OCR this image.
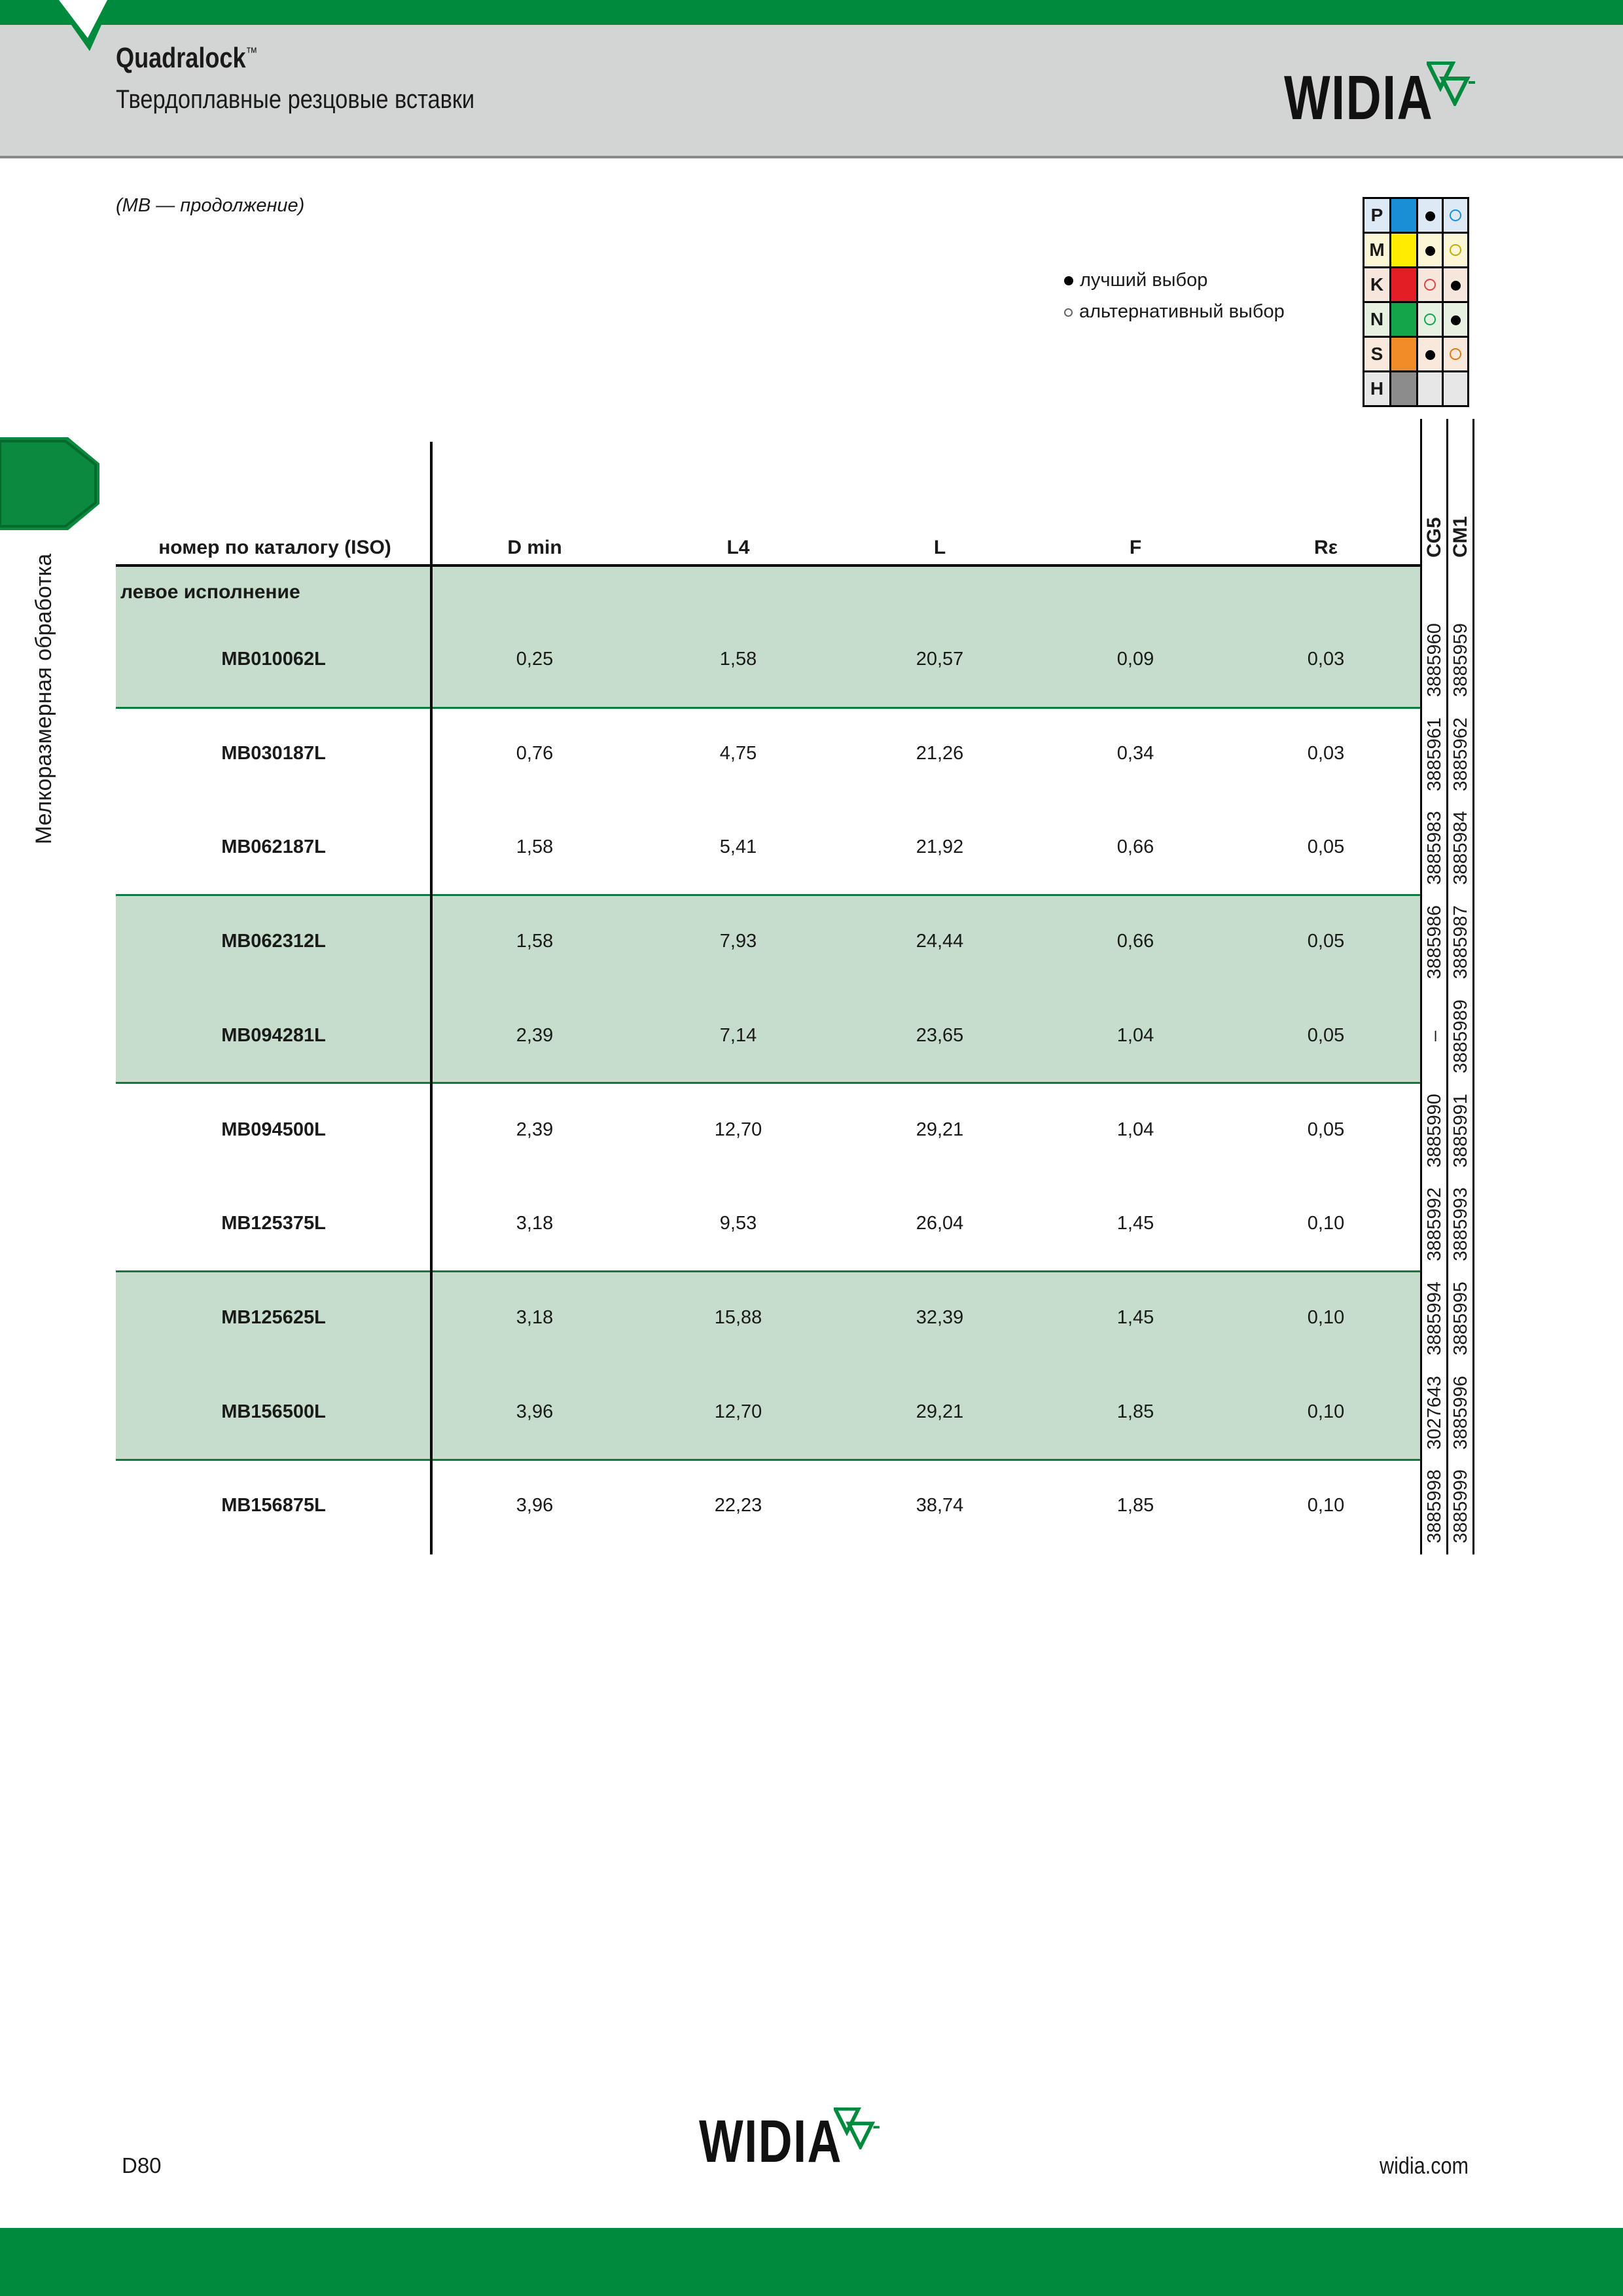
Quadralock™
Твердоплавные резцовые вставки	WIDIA
Мелкоразмерная обработка
(MB — продолжение)
лучший выбор
альтернативный выбор
P			
M			
K			
N			
S			
H			
номер по каталогу (ISO)	D min	L4	L	F	Rε	CG5 CM1
левое исполнение
MB010062L	0,25	1,58	20,57	0,09	0,03	3885960 3885959
MB030187L	0,76	4,75	21,26	0,34	0,03	3885961 3885962
MB062187L	1,58	5,41	21,92	0,66	0,05	3885983 3885984
MB062312L	1,58	7,93	24,44	0,66	0,05	3885986 3885987
MB094281L	2,39	7,14	23,65	1,04	0,05	– 3885989
MB094500L	2,39	12,70	29,21	1,04	0,05	3885990 3885991
MB125375L	3,18	9,53	26,04	1,45	0,10	3885992 3885993
MB125625L	3,18	15,88	32,39	1,45	0,10	3885994 3885995
MB156500L	3,96	12,70	29,21	1,85	0,10	3027643 3885996
MB156875L	3,96	22,23	38,74	1,85	0,10	3885998 3885999
D80	WIDIA	widia.com
